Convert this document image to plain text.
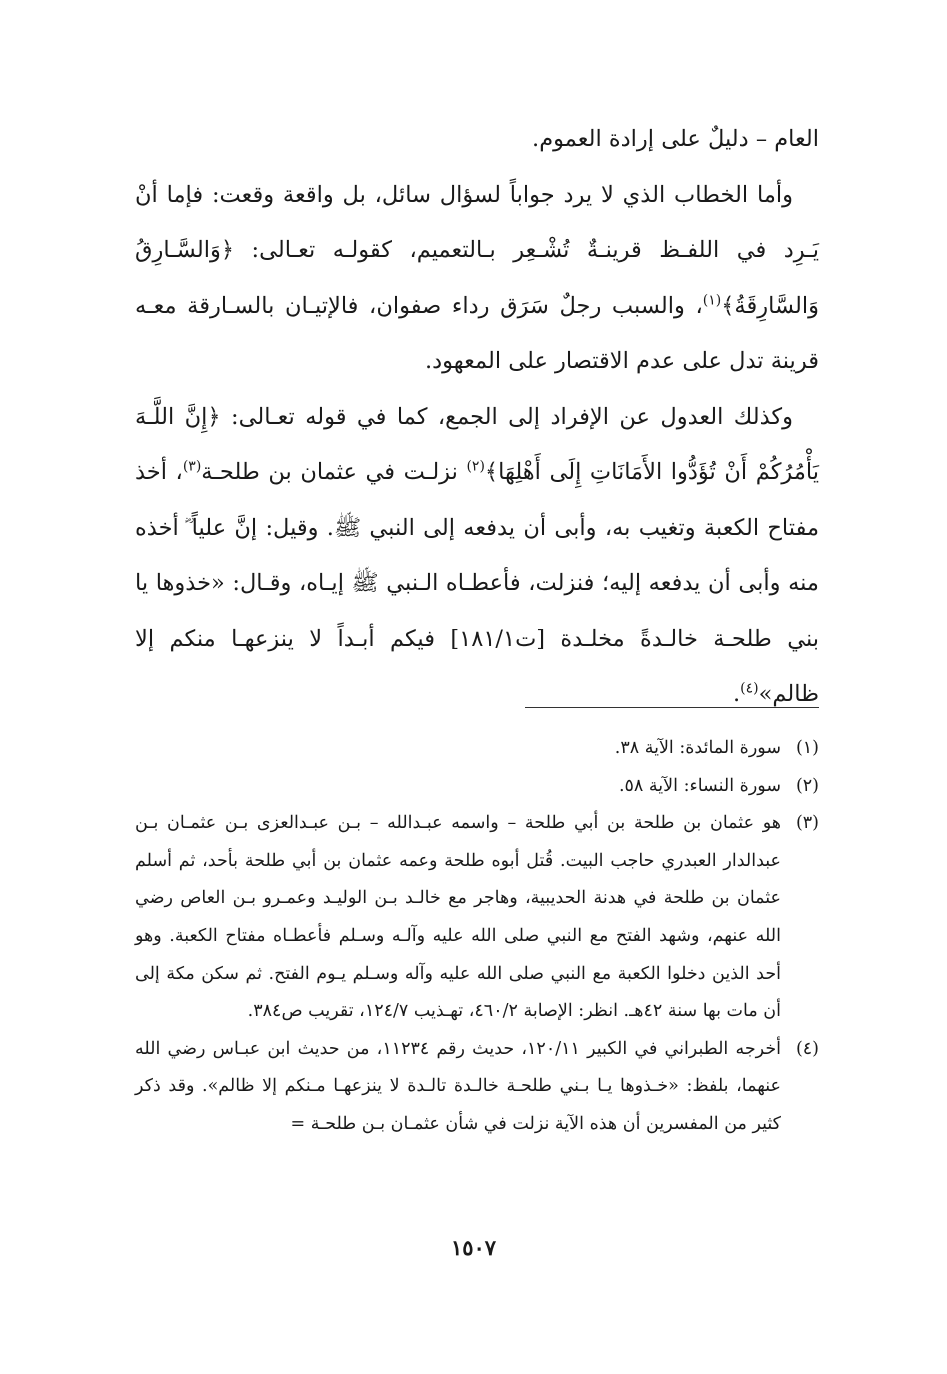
العام – دليلٌ على إرادة العموم.

وأما الخطاب الذي لا يرد جواباً لسؤال سائل، بل واقعة وقعت: فإما أنْ يَـرِد في اللفـظ قرينـةٌ تُشْـعِر بـالتعميم، كقولـه تعـالى: ﴿وَالسَّـارِقُ وَالسَّارِقَةُ﴾$^{(١)}$، والسبب رجلٌ سَرَق رداء صفوان، فالإتيـان بالسـارقة معـه قرينة تدل على عدم الاقتصار على المعهود.

وكذلك العدول عن الإفراد إلى الجمع، كما في قوله تعـالى: ﴿إِنَّ اللَّـهَ يَأْمُرُكُمْ أَنْ تُؤَدُّوا الأَمَانَاتِ إِلَى أَهْلِهَا﴾$^{(٢)}$ نزلـت في عثمان بن طلحـة$^{(٣)}$، أخذ مفتاح الكعبة وتغيب به، وأبى أن يدفعه إلى النبي ﷺ. وقيل: إنَّ علياً ؓ أخذه منه وأبى أن يدفعه إليه؛ فنزلت، فأعطـاه الـنبي ﷺ إيـاه، وقـال: «خذوها يا بني طلحـة خالـدةً مخلـدة [ت١٨١/١] فيكم أبـداً لا ينزعهـا منكم إلا ظالم»$^{(٤)}$.

(١)
سورة المائدة: الآية ٣٨.
(٢)
سورة النساء: الآية ٥٨.
(٣)
هو عثمان بن طلحة بن أبي طلحة – واسمه عبـدالله – بـن عبـدالعزى بـن عثمـان بـن عبدالدار العبدري حاجب البيت. قُتل أبوه طلحة وعمه عثمان بن أبي طلحة بأحد، ثم أسلم عثمان بن طلحة في هدنة الحديبية، وهاجر مع خالـد بـن الوليـد وعمـرو بـن العاص رضي الله عنهم، وشهد الفتح مع النبي صلى الله عليه وآلـه وسـلم فأعطـاه مفتاح الكعبة. وهو أحد الذين دخلوا الكعبة مع النبي صلى الله عليه وآله وسـلم يـوم الفتح. ثم سكن مكة إلى أن مات بها سنة ٤٢هـ. انظر: الإصابة ٤٦٠/٢، تهـذيب ١٢٤/٧، تقريب ص٣٨٤.
(٤)
أخرجه الطبراني في الكبير ١٢٠/١١، حديث رقم ١١٢٣٤، من حديث ابن عبـاس رضي الله عنهما، بلفظ: «خـذوها يـا بـني طلحـة خالـدة تالـدة لا ينزعهـا مـنكم إلا ظالم». وقد ذكر كثير من المفسرين أن هذه الآية نزلت في شأن عثمـان بـن طلحـة =
١٥٠٧
